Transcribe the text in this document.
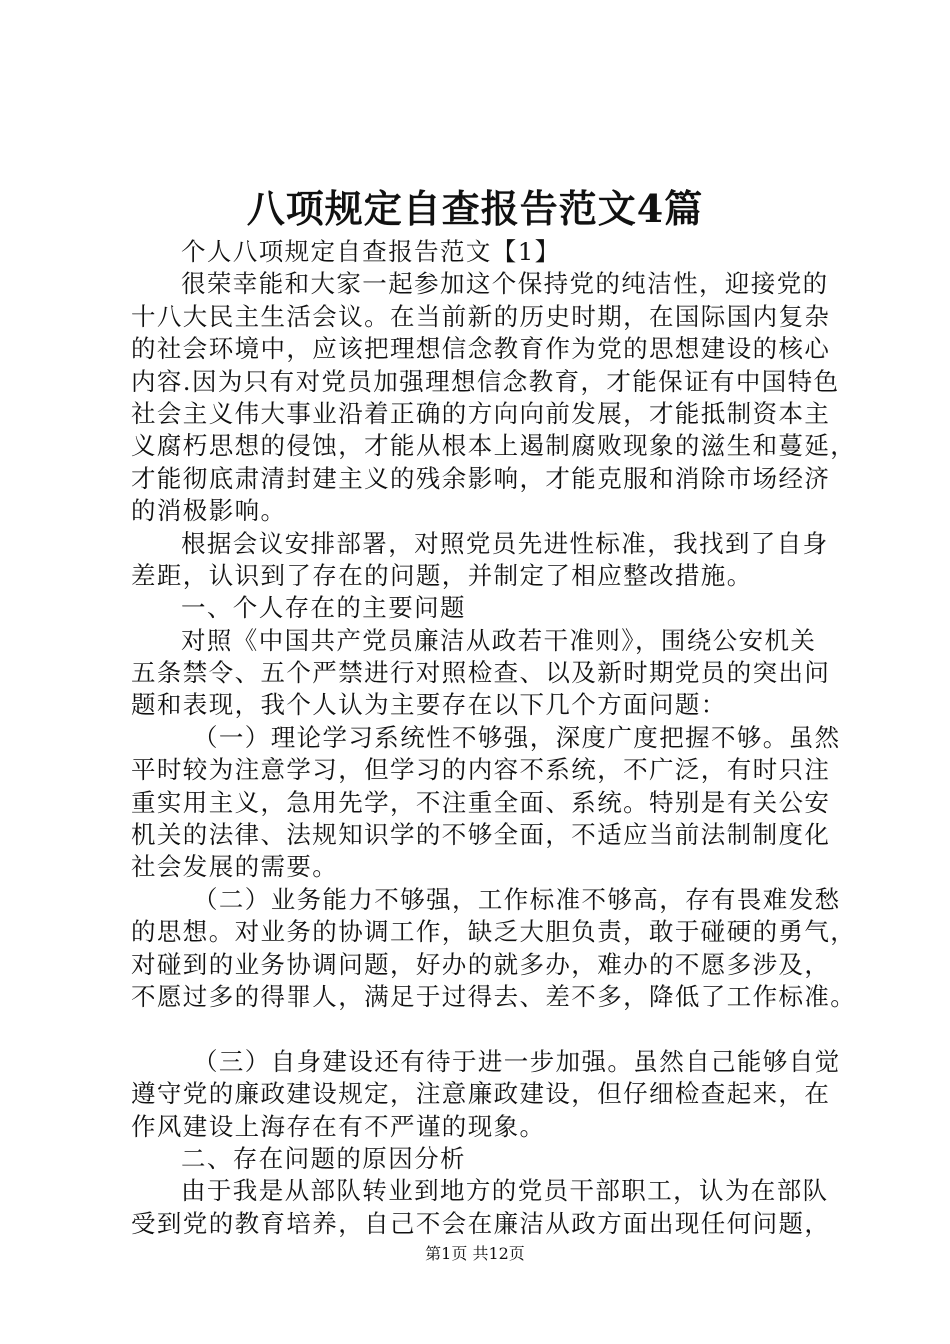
八项规定自查报告范文4篇
个人八项规定自查报告范文【1】
很荣幸能和大家一起参加这个保持党的纯洁性，迎接党的
十八大民主生活会议。在当前新的历史时期，在国际国内复杂
的社会环境中，应该把理想信念教育作为党的思想建设的核心
内容.因为只有对党员加强理想信念教育，才能保证有中国特色
社会主义伟大事业沿着正确的方向向前发展，才能抵制资本主
义腐朽思想的侵蚀，才能从根本上遏制腐败现象的滋生和蔓延，
才能彻底肃清封建主义的残余影响，才能克服和消除市场经济
的消极影响。
根据会议安排部署，对照党员先进性标准，我找到了自身
差距，认识到了存在的问题，并制定了相应整改措施。
一、个人存在的主要问题
对照《中国共产党员廉洁从政若干准则》，围绕公安机关
五条禁令、五个严禁进行对照检查、以及新时期党员的突出问
题和表现，我个人认为主要存在以下几个方面问题：
（一）理论学习系统性不够强，深度广度把握不够。虽然
平时较为注意学习，但学习的内容不系统，不广泛，有时只注
重实用主义，急用先学，不注重全面、系统。特别是有关公安
机关的法律、法规知识学的不够全面，不适应当前法制制度化
社会发展的需要。
（二）业务能力不够强，工作标准不够高，存有畏难发愁
的思想。对业务的协调工作，缺乏大胆负责，敢于碰硬的勇气，
对碰到的业务协调问题，好办的就多办，难办的不愿多涉及，
不愿过多的得罪人，满足于过得去、差不多，降低了工作标准。
（三）自身建设还有待于进一步加强。虽然自己能够自觉
遵守党的廉政建设规定，注意廉政建设，但仔细检查起来，在
作风建设上海存在有不严谨的现象。
二、存在问题的原因分析
由于我是从部队转业到地方的党员干部职工，认为在部队
受到党的教育培养，自己不会在廉洁从政方面出现任何问题，
第1页 共12页
